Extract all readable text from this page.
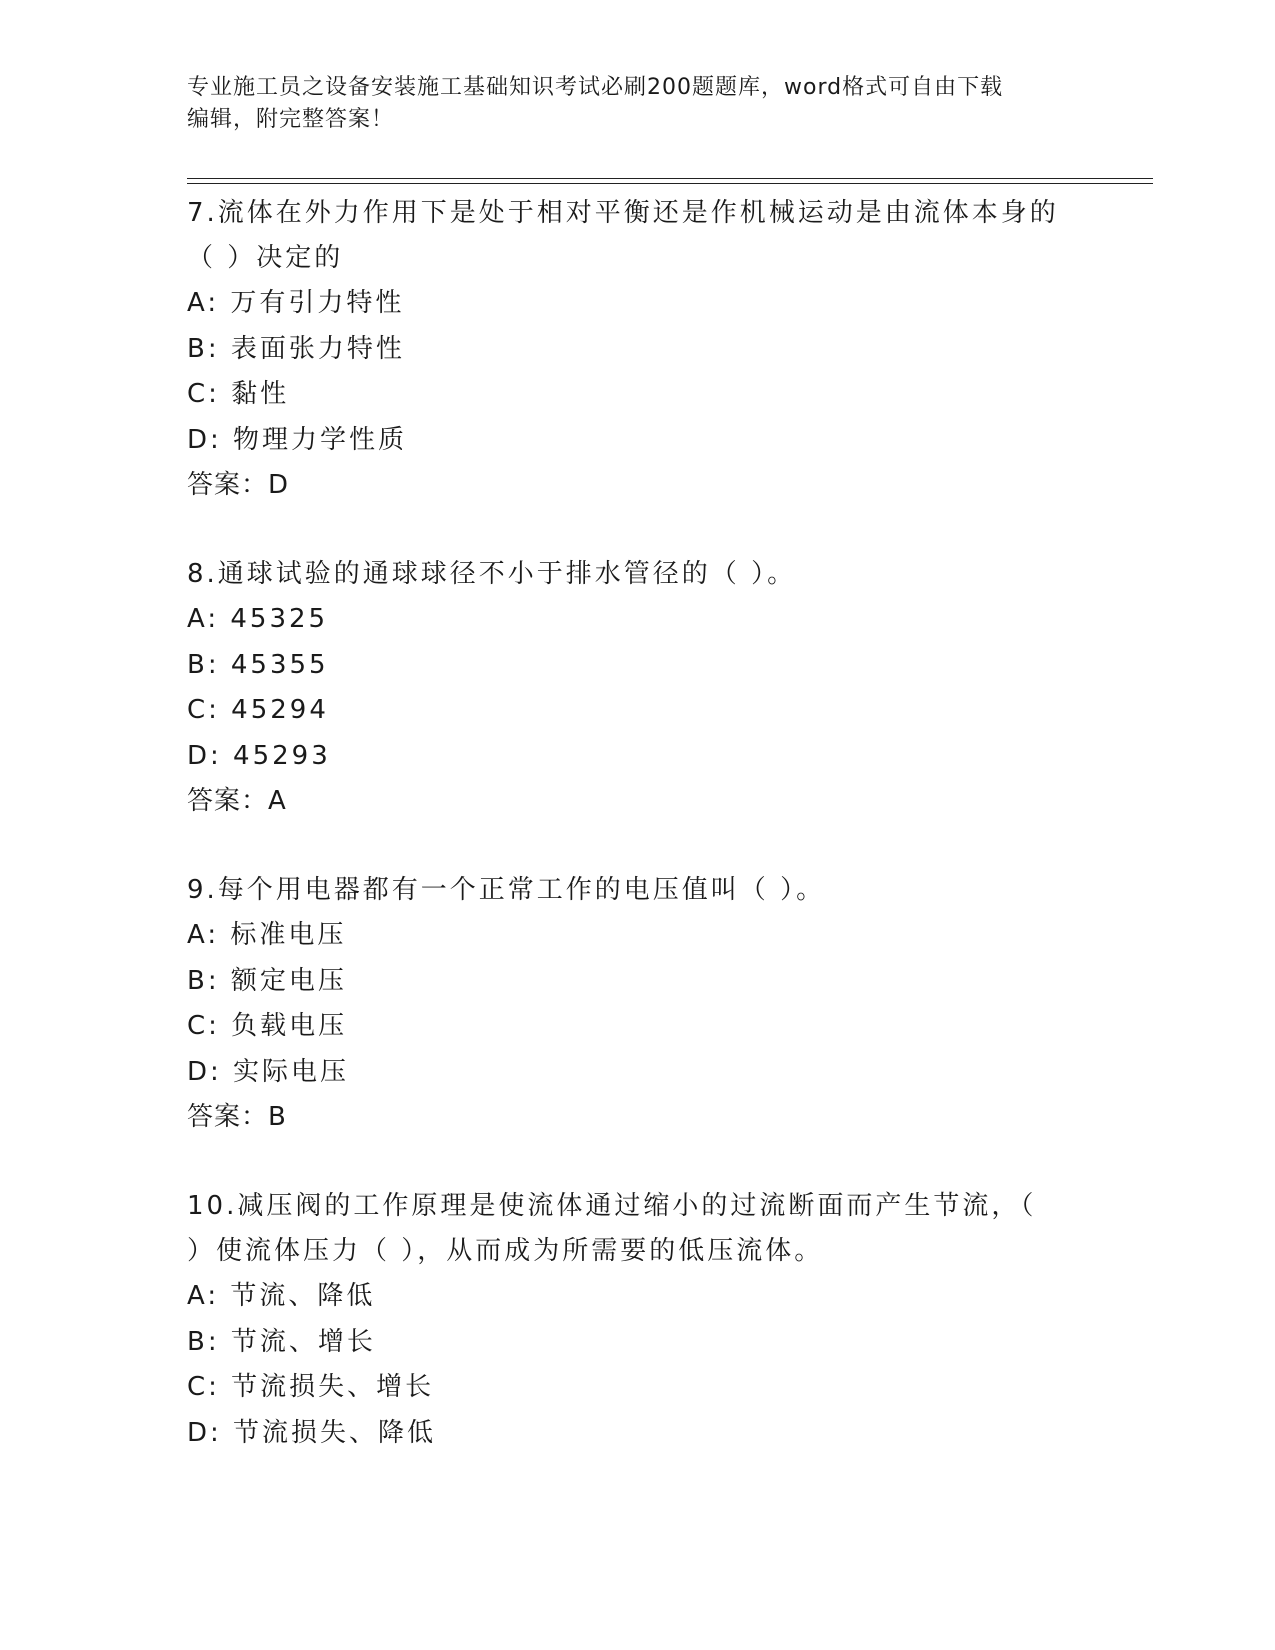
专业施工员之设备安装施工基础知识考试必刷200题题库，word格式可自由下载
编辑，附完整答案！

7.流体在外力作用下是处于相对平衡还是作机械运动是由流体本身的

（ ）决定的

A: 万有引力特性

B: 表面张力特性

C: 黏性

D: 物理力学性质

答案：D

8.通球试验的通球球径不小于排水管径的（ ）。

A: 45325

B: 45355

C: 45294

D: 45293

答案：A

9.每个用电器都有一个正常工作的电压值叫（ ）。

A: 标准电压

B: 额定电压

C: 负载电压

D: 实际电压

答案：B

10.减压阀的工作原理是使流体通过缩小的过流断面而产生节流，（

）使流体压力（ ），从而成为所需要的低压流体。

A: 节流、降低

B: 节流、增长

C: 节流损失、增长

D: 节流损失、降低
